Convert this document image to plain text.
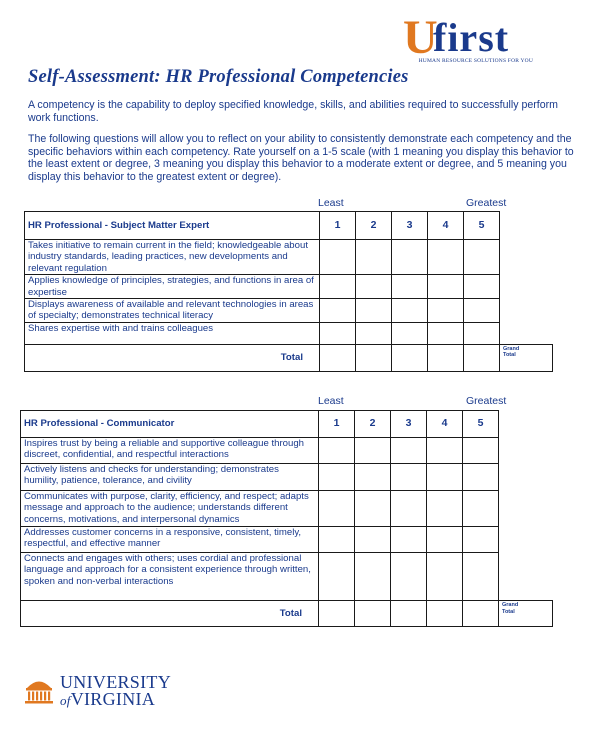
U
first
HUMAN RESOURCE SOLUTIONS FOR YOU
Self-Assessment: HR Professional Competencies
A competency is the capability to deploy specified knowledge, skills, and abilities required to successfully perform work functions.
The following questions will allow you to reflect on your ability to consistently demonstrate each competency and the specific behaviors within each competency. Rate yourself on a 1-5 scale (with 1 meaning you display this behavior to the least extent or degree, 3 meaning you display this behavior to a moderate extent or degree, and 5 meaning you display this behavior to the greatest extent or degree).
Least	Greatest
HR Professional - Subject Matter Expert	1	2	3	4	5	
Takes initiative to remain current in the field; knowledgeable about industry standards, leading practices, new developments and relevant regulation						
Applies knowledge of principles, strategies, and functions in area of expertise						
Displays awareness of available and relevant technologies in areas of specialty; demonstrates technical literacy						
Shares expertise with and trains colleagues						
Total						Grand Total
Least	Greatest
HR Professional - Communicator	1	2	3	4	5	
Inspires trust by being a reliable and supportive colleague through discreet, confidential, and respectful interactions						
Actively listens and checks for understanding; demonstrates humility, patience, tolerance, and civility						
Communicates with purpose, clarity, efficiency, and respect; adapts message and approach to the audience; understands different concerns, motivations, and interpersonal dynamics						
Addresses customer concerns in a responsive, consistent, timely, respectful, and effective manner						
Connects and engages with others; uses cordial and professional language and approach for a consistent experience through written, spoken and non-verbal interactions						
Total						Grand Total
UNIVERSITY
ofVIRGINIA
